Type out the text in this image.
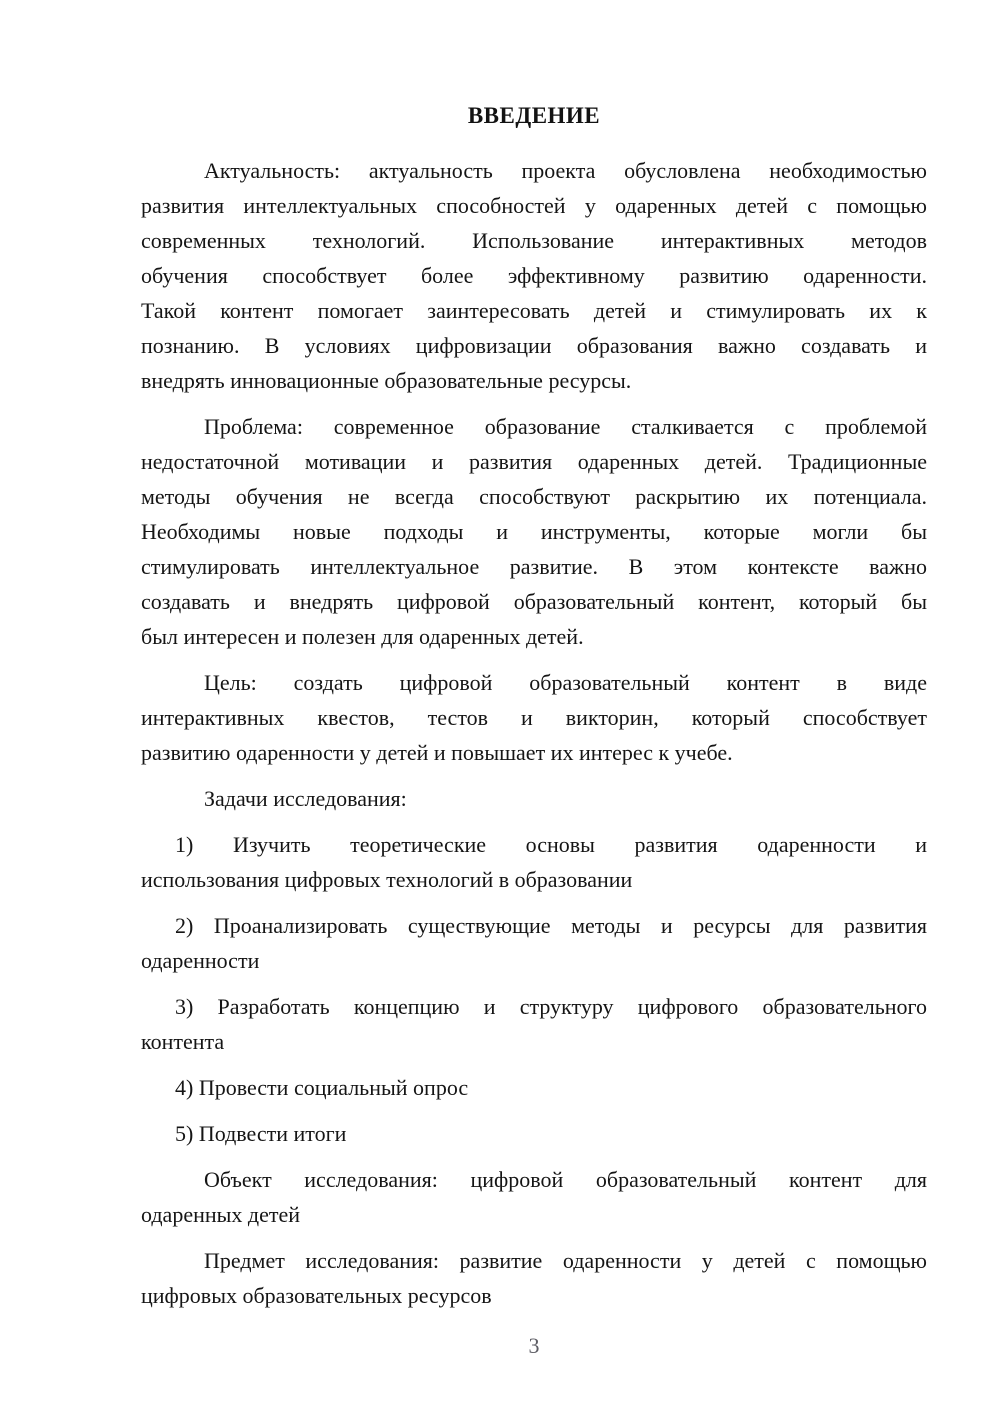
ВВЕДЕНИЕ
Актуальность: актуальность проекта обусловлена необходимостью
развития интеллектуальных способностей у одаренных детей с помощью
современных технологий. Использование интерактивных методов
обучения способствует более эффективному развитию одаренности.
Такой контент помогает заинтересовать детей и стимулировать их к
познанию. В условиях цифровизации образования важно создавать и
внедрять инновационные образовательные ресурсы.
Проблема: современное образование сталкивается с проблемой
недостаточной мотивации и развития одаренных детей. Традиционные
методы обучения не всегда способствуют раскрытию их потенциала.
Необходимы новые подходы и инструменты, которые могли бы
стимулировать интеллектуальное развитие. В этом контексте важно
создавать и внедрять цифровой образовательный контент, который бы
был интересен и полезен для одаренных детей.
Цель: создать цифровой образовательный контент в виде
интерактивных квестов, тестов и викторин, который способствует
развитию одаренности у детей и повышает их интерес к учебе.
Задачи исследования:
1) Изучить теоретические основы развития одаренности и
использования цифровых технологий в образовании
2) Проанализировать существующие методы и ресурсы для развития
одаренности
3) Разработать концепцию и структуру цифрового образовательного
контента
4) Провести социальный опрос
5) Подвести итоги
Объект исследования: цифровой образовательный контент для
одаренных детей
Предмет исследования: развитие одаренности у детей с помощью
цифровых образовательных ресурсов
3
